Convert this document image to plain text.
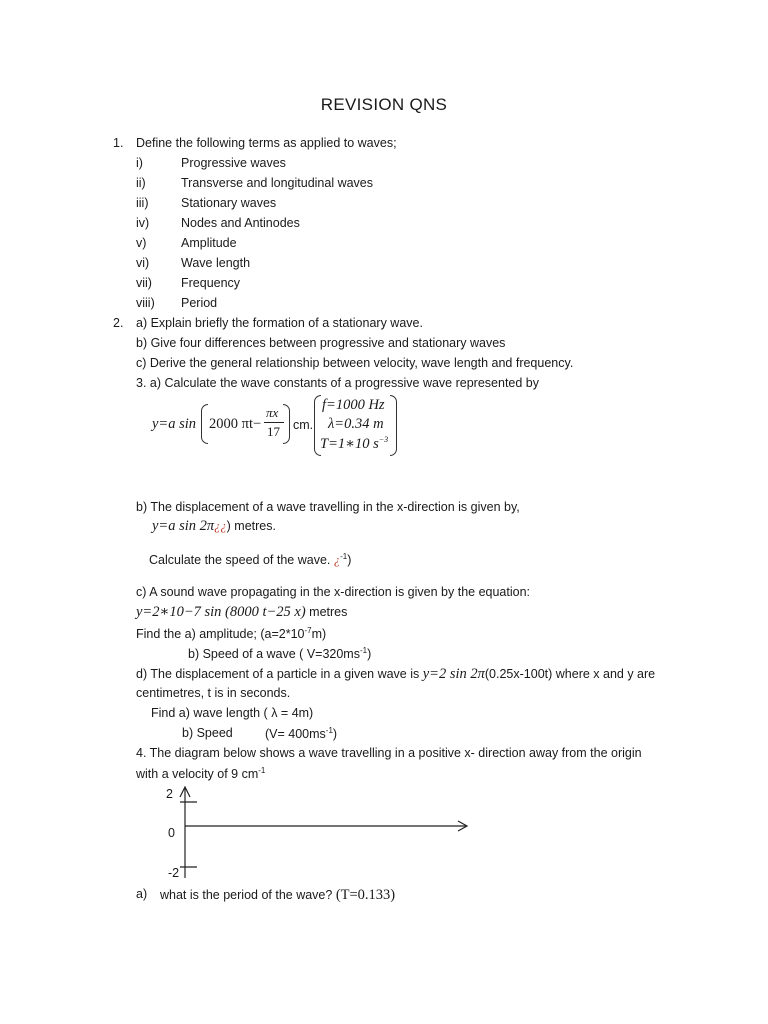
REVISION QNS
1. Define the following terms as applied to waves;
i)	Progressive waves
ii)	Transverse and longitudinal waves
iii)	Stationary waves
iv)	Nodes and Antinodes
v)	Amplitude
vi)	Wave length
vii) Frequency
viii) Period
2. a) Explain briefly the formation of a stationary wave.
b) Give four differences between progressive and stationary waves
c) Derive the general relationship between velocity, wave length and frequency.
3. a) Calculate the wave constants of a progressive wave represented by
y=a sin 2000 πt−
πx
17 cm.
f=1000 Hz
λ=0.34 m
T=1∗10 $s^{-3}$
b) The displacement of a wave travelling in the x-direction is given by,
y=a sin 2π¿¿) metres.
Calculate the speed of the wave. ¿$^{-1}$)
c) A sound wave propagating in the x-direction is given by the equation:
y=2∗10−7 sin (8000 t−25 x) metres
Find the a) amplitude; $(a=2*10^{-7}m)$
b) Speed of a wave ( $V=320ms^{-1}$)
d) The displacement of a particle in a given wave is y=2 sin 2π(0.25x-100t) where x and y are
centimetres, t is in seconds.
Find a) wave length ( λ = 4m)
b) Speed	$(V= 400ms^{-1})$
4. The diagram below shows a wave travelling in a positive x- direction away from the origin
with a velocity of 9 $cm^{-1}$
2
0
-2
a) what is the period of the wave? (T=0.133)
